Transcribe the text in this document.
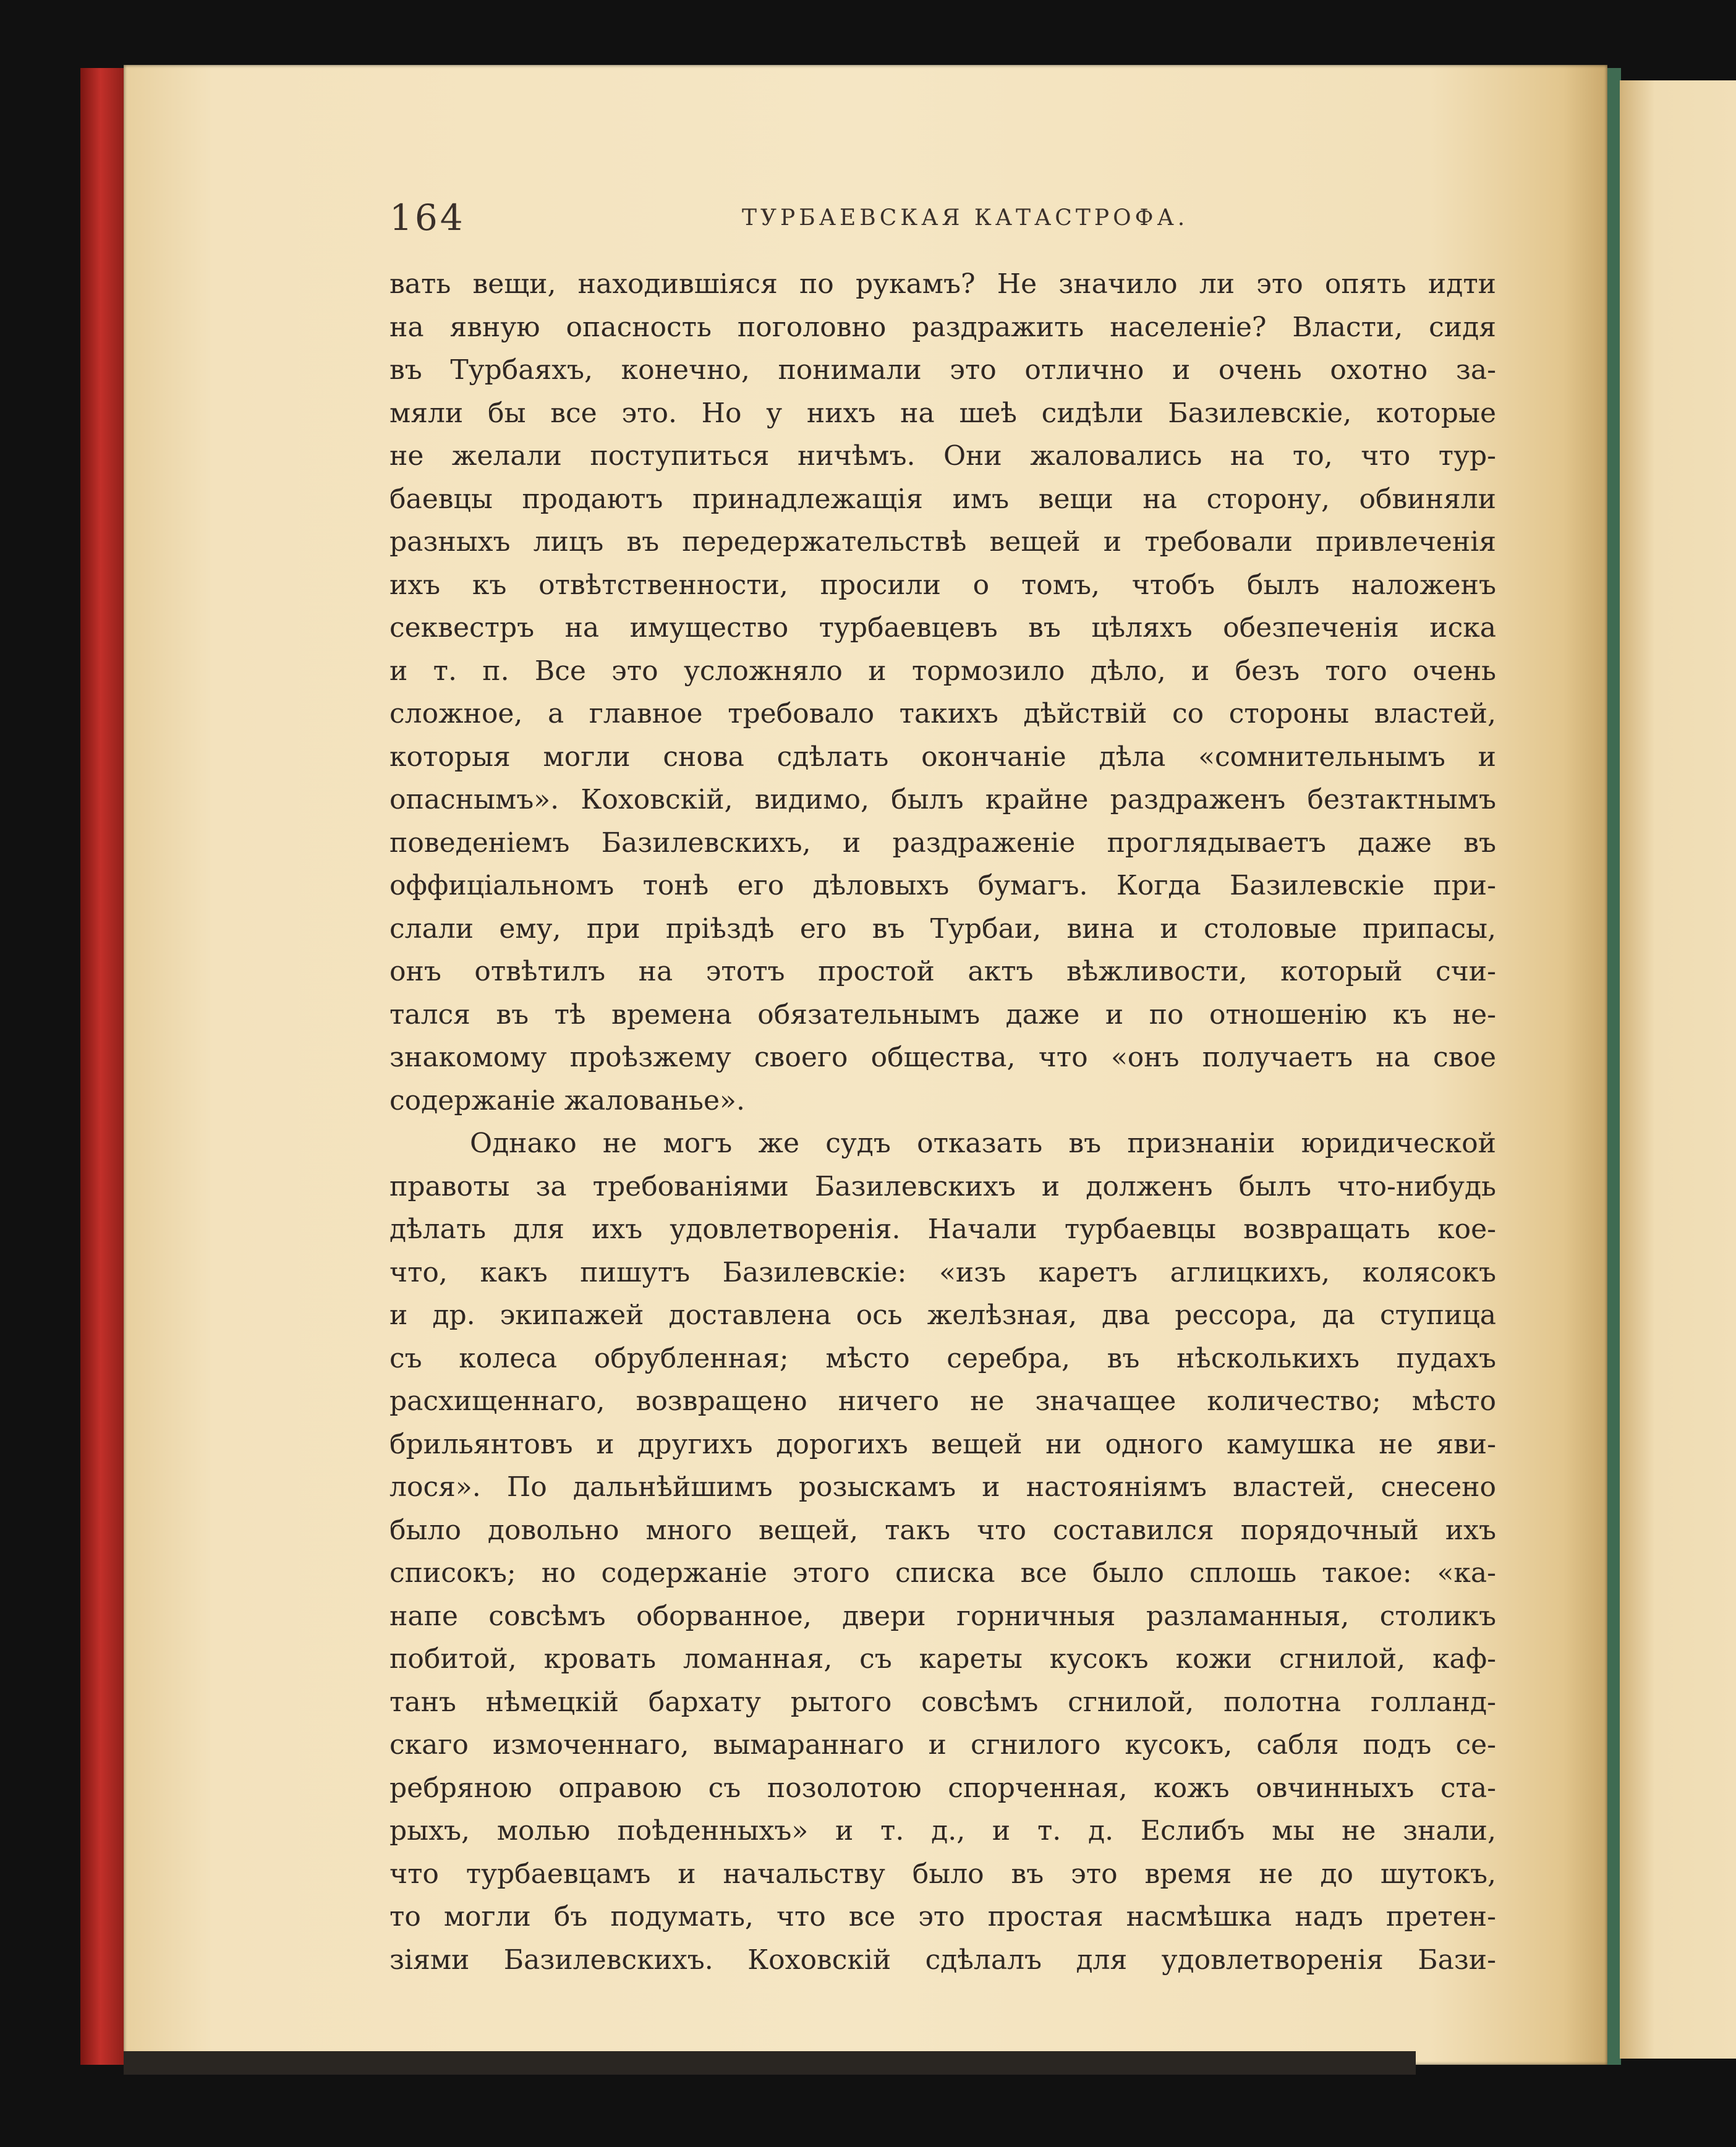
164	ТУРБАЕВСКАЯ КАТАСТРОФА.
вать вещи, находившіяся по рукамъ? Не значило ли это опять идти
на явную опасность поголовно раздражить населеніе? Власти, сидя
въ Турбаяхъ, конечно, понимали это отлично и очень охотно за-
мяли бы все это. Но у нихъ на шеѣ сидѣли Базилевскіе, которые
не желали поступиться ничѣмъ. Они жаловались на то, что тур-
баевцы продаютъ принадлежащія имъ вещи на сторону, обвиняли
разныхъ лицъ въ передержательствѣ вещей и требовали привлеченія
ихъ къ отвѣтственности, просили о томъ, чтобъ былъ наложенъ
секвестръ на имущество турбаевцевъ въ цѣляхъ обезпеченія иска
и т. п. Все это усложняло и тормозило дѣло, и безъ того очень
сложное, а главное требовало такихъ дѣйствій со стороны властей,
которыя могли снова сдѣлать окончаніе дѣла «сомнительнымъ и
опаснымъ». Коховскій, видимо, былъ крайне раздраженъ безтактнымъ
поведеніемъ Базилевскихъ, и раздраженіе проглядываетъ даже въ
оффиціальномъ тонѣ его дѣловыхъ бумагъ. Когда Базилевскіе при-
слали ему, при пріѣздѣ его въ Турбаи, вина и столовые припасы,
онъ отвѣтилъ на этотъ простой актъ вѣжливости, который счи-
тался въ тѣ времена обязательнымъ даже и по отношенію къ не-
знакомому проѣзжему своего общества, что «онъ получаетъ на свое
содержаніе жалованье».
Однако не могъ же судъ отказать въ признаніи юридической
правоты за требованіями Базилевскихъ и долженъ былъ что-нибудь
дѣлать для ихъ удовлетворенія. Начали турбаевцы возвращать кое-
что, какъ пишутъ Базилевскіе: «изъ каретъ аглицкихъ, колясокъ
и др. экипажей доставлена ось желѣзная, два рессора, да ступица
съ колеса обрубленная; мѣсто серебра, въ нѣсколькихъ пудахъ
расхищеннаго, возвращено ничего не значащее количество; мѣсто
брильянтовъ и другихъ дорогихъ вещей ни одного камушка не яви-
лося». По дальнѣйшимъ розыскамъ и настояніямъ властей, снесено
было довольно много вещей, такъ что составился порядочный ихъ
списокъ; но содержаніе этого списка все было сплошь такое: «ка-
напе совсѣмъ оборванное, двери горничныя разламанныя, столикъ
побитой, кровать ломанная, съ кареты кусокъ кожи сгнилой, каф-
танъ нѣмецкій бархату рытого совсѣмъ сгнилой, полотна голланд-
скаго измоченнаго, вымараннаго и сгнилого кусокъ, сабля подъ се-
ребряною оправою съ позолотою спорченная, кожъ овчинныхъ ста-
рыхъ, молью поѣденныхъ» и т. д., и т. д. Еслибъ мы не знали,
что турбаевцамъ и начальству было въ это время не до шутокъ,
то могли бъ подумать, что все это простая насмѣшка надъ претен-
зіями Базилевскихъ. Коховскій сдѣлалъ для удовлетворенія Бази-
